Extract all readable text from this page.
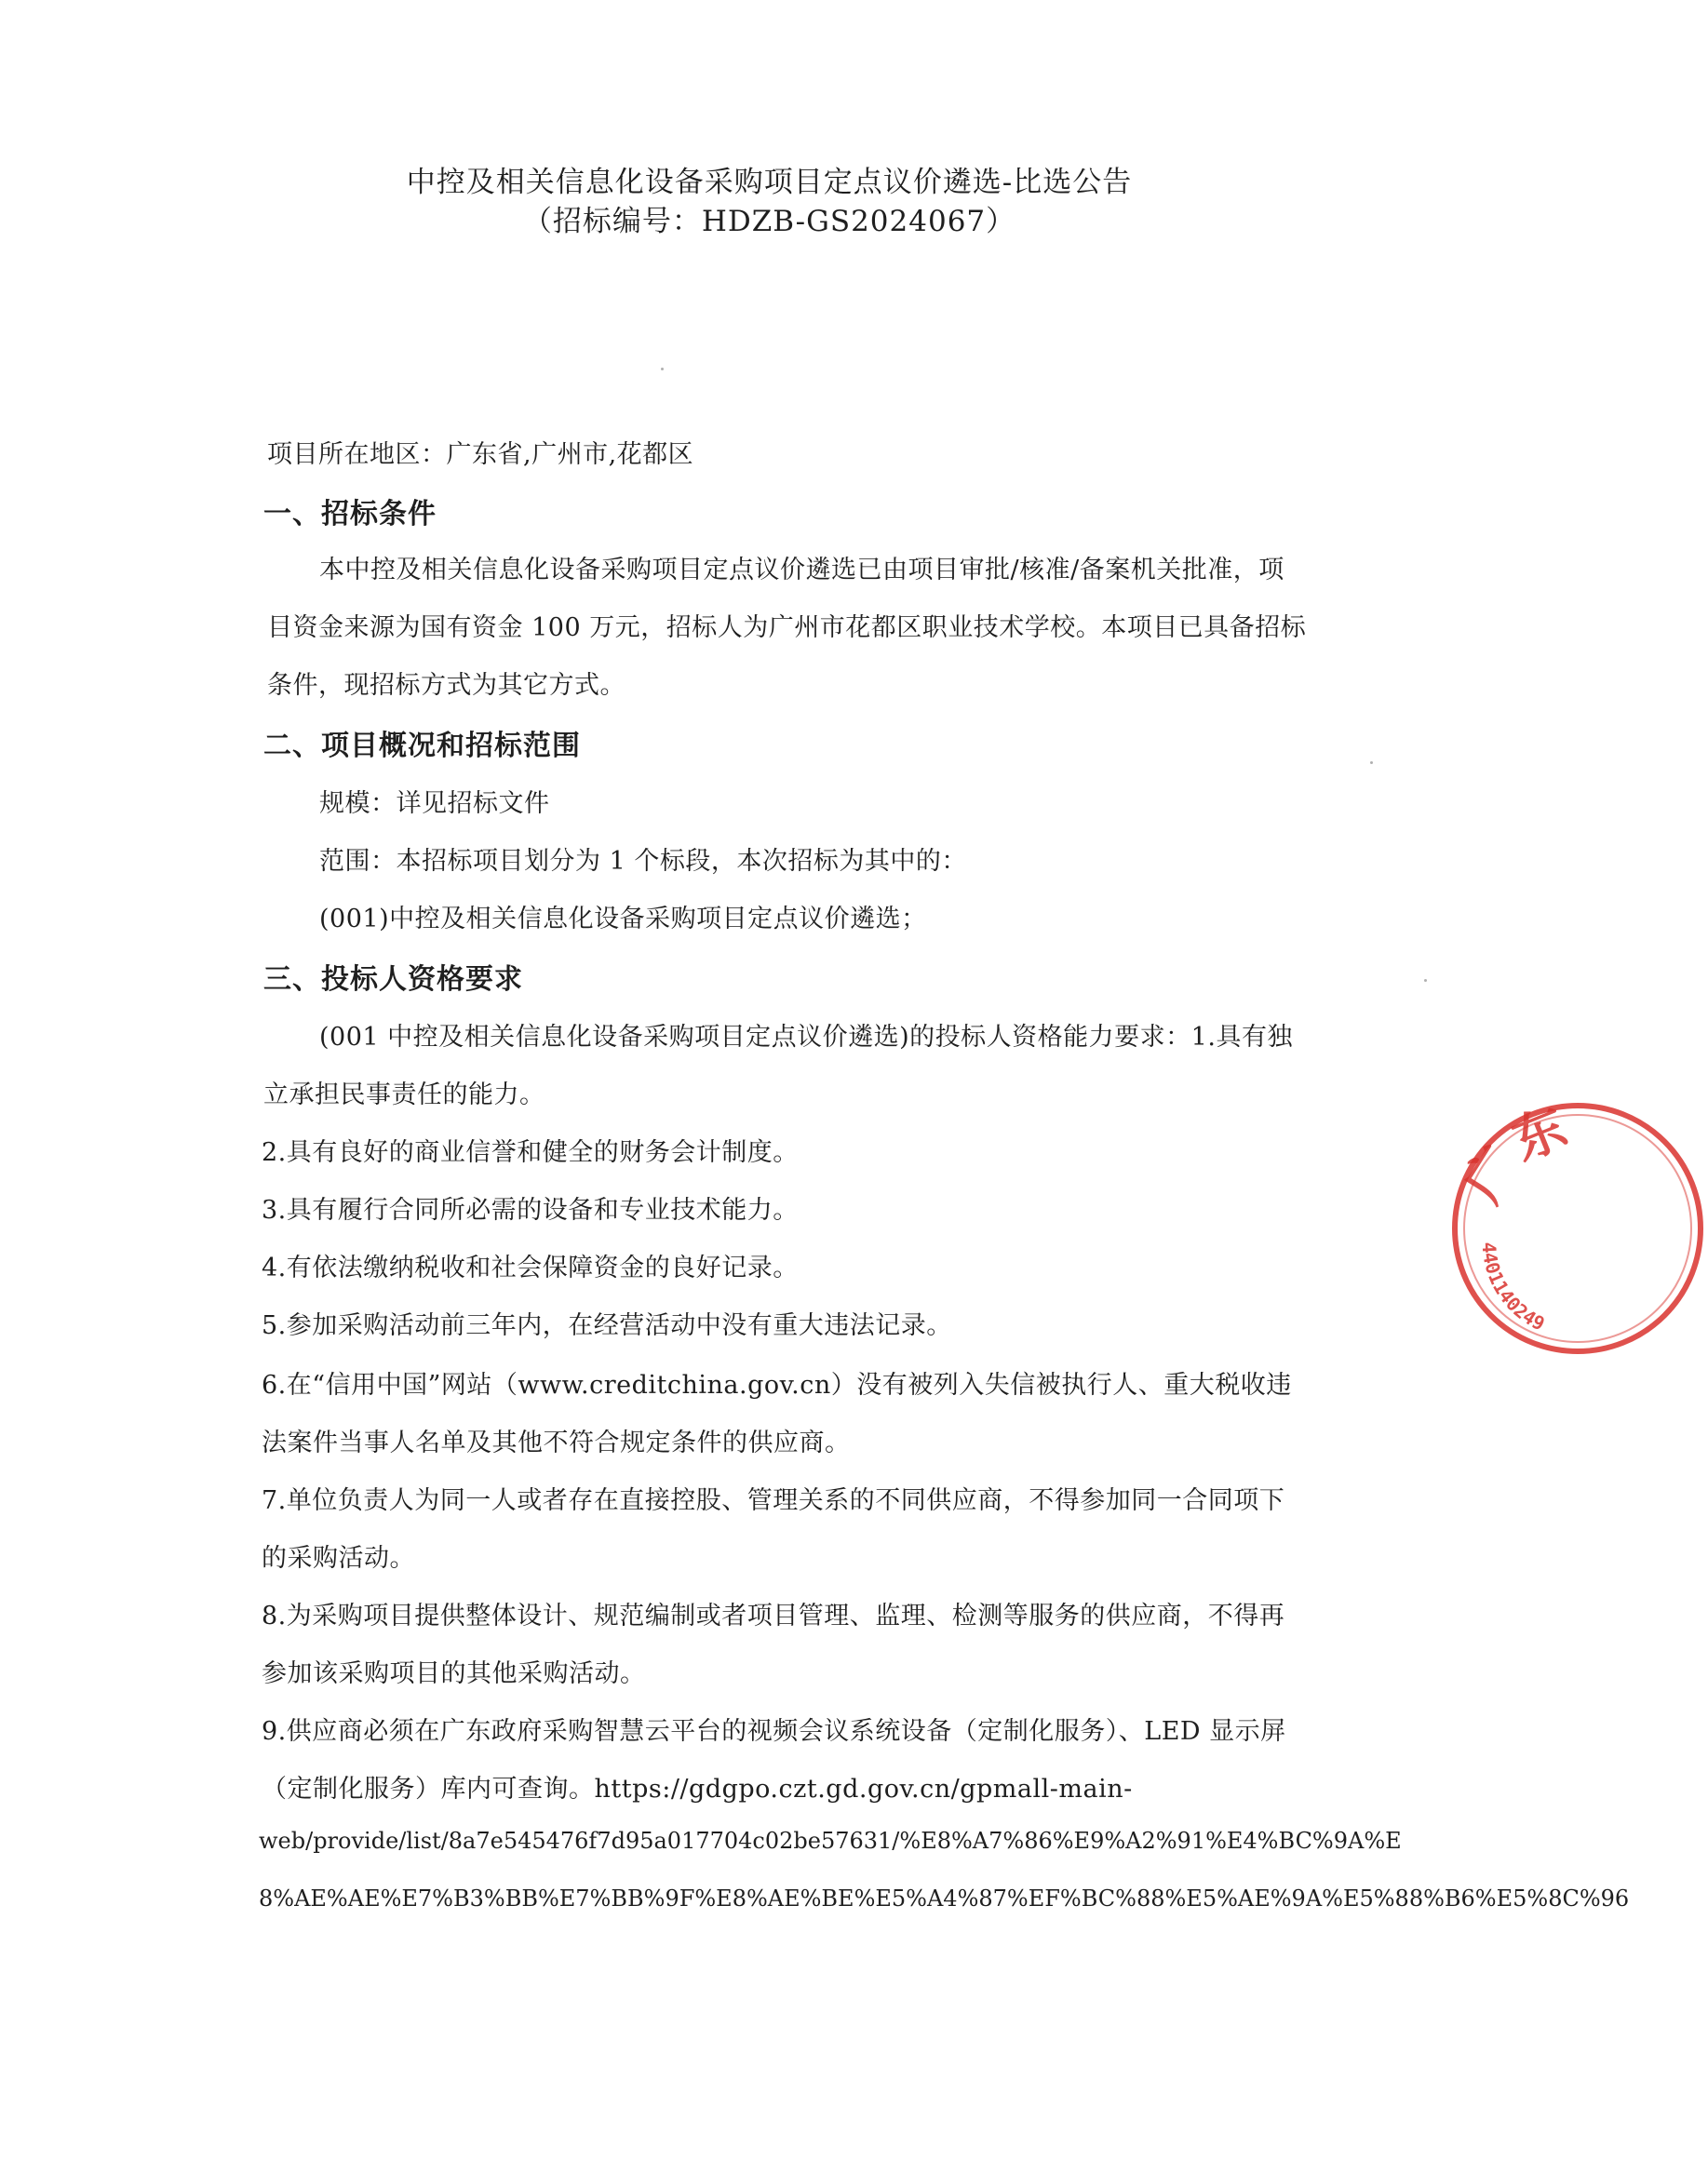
中控及相关信息化设备采购项目定点议价遴选-比选公告
（招标编号：HDZB-GS2024067）
项目所在地区：广东省,广州市,花都区
一、招标条件
本中控及相关信息化设备采购项目定点议价遴选已由项目审批/核准/备案机关批准，项
目资金来源为国有资金 100 万元，招标人为广州市花都区职业技术学校。本项目已具备招标
条件，现招标方式为其它方式。
二、项目概况和招标范围
规模：详见招标文件
范围：本招标项目划分为 1 个标段，本次招标为其中的：
(001)中控及相关信息化设备采购项目定点议价遴选；
三、投标人资格要求
(001 中控及相关信息化设备采购项目定点议价遴选)的投标人资格能力要求：1.具有独
立承担民事责任的能力。
2.具有良好的商业信誉和健全的财务会计制度。
3.具有履行合同所必需的设备和专业技术能力。
4.有依法缴纳税收和社会保障资金的良好记录。
5.参加采购活动前三年内，在经营活动中没有重大违法记录。
6.在“信用中国”网站（www.creditchina.gov.cn）没有被列入失信被执行人、重大税收违
法案件当事人名单及其他不符合规定条件的供应商。
7.单位负责人为同一人或者存在直接控股、管理关系的不同供应商，不得参加同一合同项下
的采购活动。
8.为采购项目提供整体设计、规范编制或者项目管理、监理、检测等服务的供应商，不得再
参加该采购项目的其他采购活动。
9.供应商必须在广东政府采购智慧云平台的视频会议系统设备（定制化服务）、LED 显示屏
（定制化服务）库内可查询。https://gdgpo.czt.gd.gov.cn/gpmall-main-
web/provide/list/8a7e545476f7d95a017704c02be57631/%E8%A7%86%E9%A2%91%E4%BC%9A%E
8%AE%AE%E7%B3%BB%E7%BB%9F%E8%AE%BE%E5%A4%87%EF%BC%88%E5%AE%9A%E5%88%B6%E5%8C%96
广东
4401140249
